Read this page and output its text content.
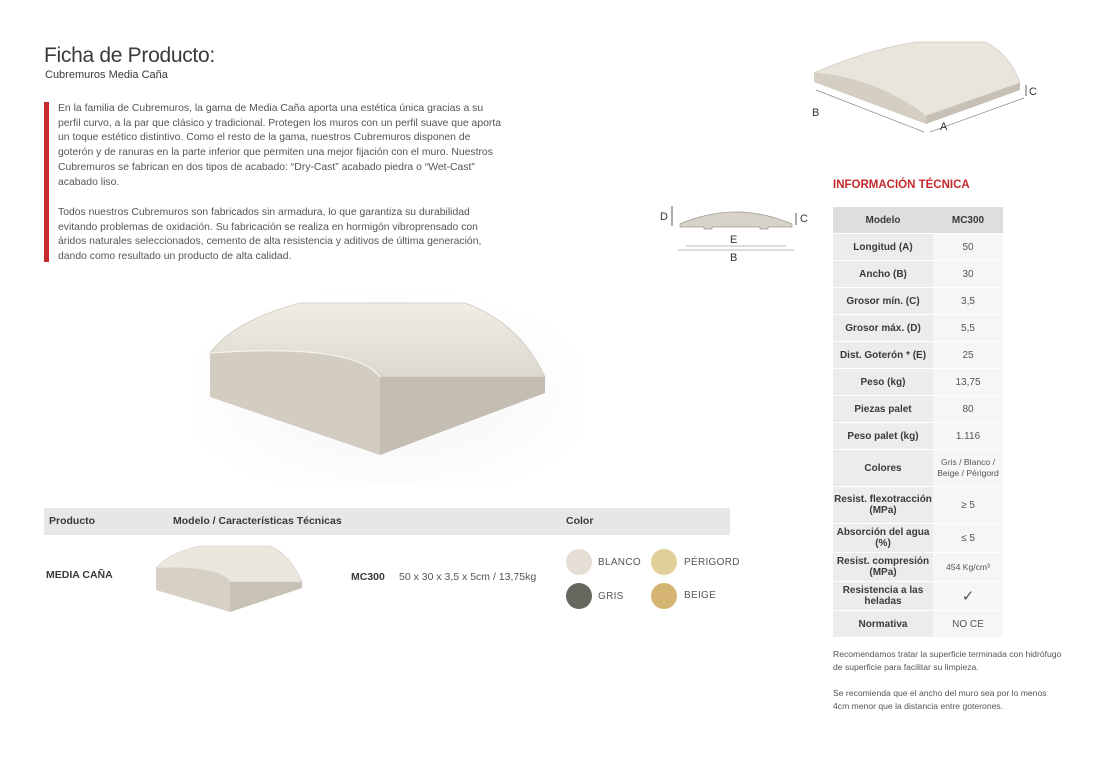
Ficha de Producto:
Cubremuros Media Caña
En la familia de Cubremuros, la gama de Media Caña aporta una estética única gracias a su perfil curvo, a la par que clásico y tradicional. Protegen los muros con un perfil suave que aporta un toque estético distintivo. Como el resto de la gama, nuestros Cubremuros disponen de goterón y de ranuras en la parte inferior que permiten una mejor fijación con el muro. Nuestros Cubremuros se fabrican en dos tipos de acabado: “Dry-Cast” acabado piedra o “Wet-Cast” acabado liso.
Todos nuestros Cubremuros son fabricados sin armadura, lo que garantiza su durabilidad evitando problemas de oxidación. Su fabricación se realiza en hormigón vibroprensado con áridos naturales seleccionados, cemento de alta resistencia y aditivos de última generación, dando como resultado un producto de alta calidad.
B
A
C
D	C
E
B
INFORMACIÓN TÉCNICA
Modelo	MC300
Longitud (A)	50
Ancho (B)	30
Grosor mín. (C)	3,5
Grosor máx. (D)	5,5
Dist. Goterón * (E)	25
Peso (kg)	13,75
Piezas palet	80
Peso palet (kg)	1.116
Colores	Gris / Blanco / Beige / Périgord
Resist. flexotracción (MPa)	≥ 5
Absorción del agua (%)	≤ 5
Resist. compresión (MPa)	454 Kg/cm³
Resistencia a las heladas	✓
Normativa	NO CE
Recomendamos tratar la superficie terminada con hidrófugo de superficie para facilitar su limpieza.
Se recomienda que el ancho del muro sea por lo menos 4cm menor que la distancia entre goterones.
Producto	Modelo / Características Técnicas	Color
MEDIA CAÑA	MC300 50 x 30 x 3,5 x 5cm / 13,75kg
BLANCO	PÉRIGORD
GRIS	BEIGE
